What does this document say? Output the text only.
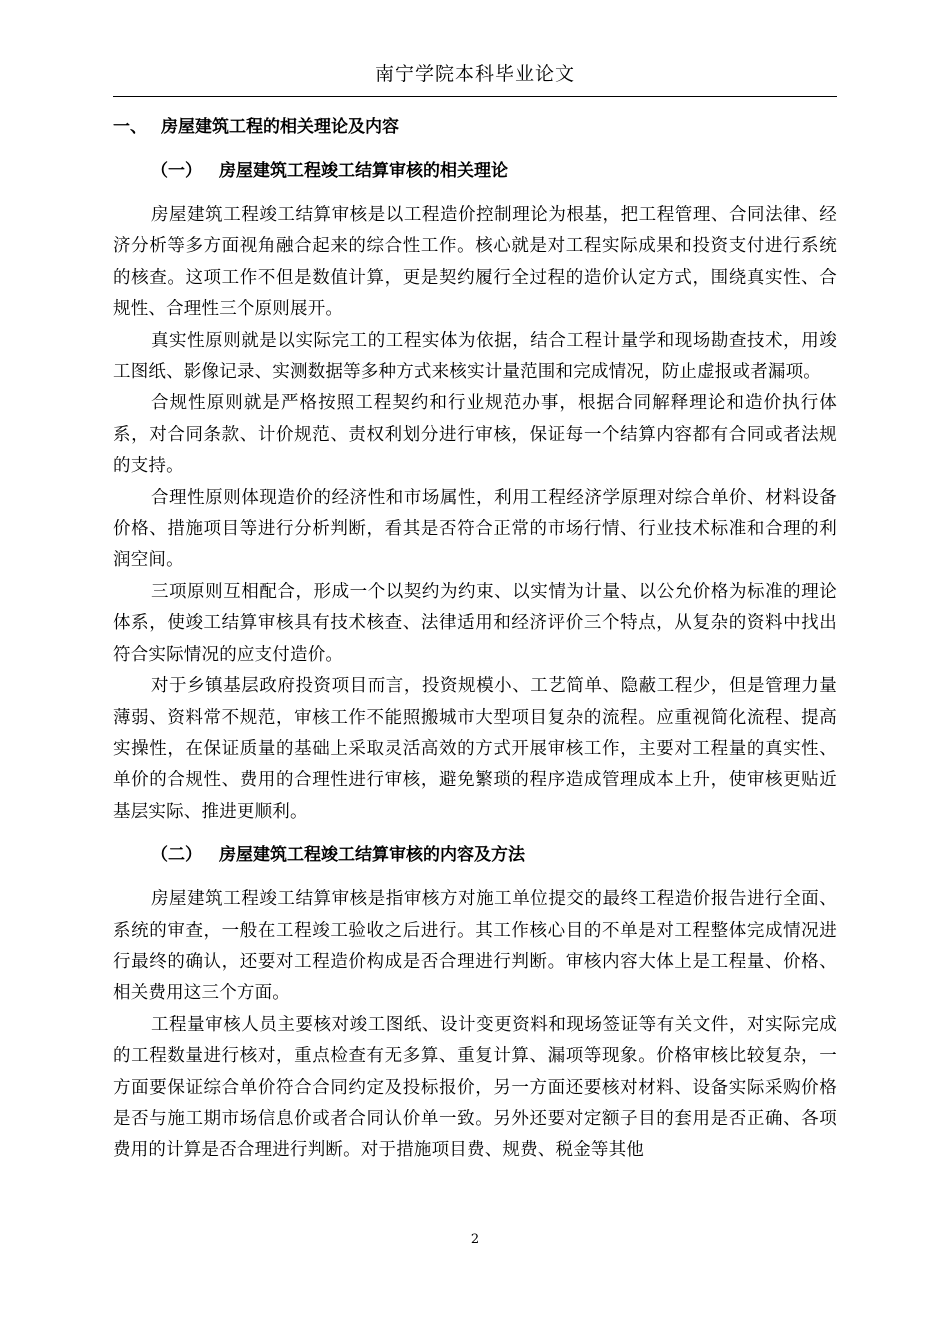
南宁学院本科毕业论文
一、 房屋建筑工程的相关理论及内容
（一） 房屋建筑工程竣工结算审核的相关理论

房屋建筑工程竣工结算审核是以工程造价控制理论为根基，把工程管理、合同法律、经济分析等多方面视角融合起来的综合性工作。核心就是对工程实际成果和投资支付进行系统的核查。这项工作不但是数值计算，更是契约履行全过程的造价认定方式，围绕真实性、合规性、合理性三个原则展开。

真实性原则就是以实际完工的工程实体为依据，结合工程计量学和现场勘查技术，用竣工图纸、影像记录、实测数据等多种方式来核实计量范围和完成情况，防止虚报或者漏项。

合规性原则就是严格按照工程契约和行业规范办事，根据合同解释理论和造价执行体系，对合同条款、计价规范、责权利划分进行审核，保证每一个结算内容都有合同或者法规的支持。

合理性原则体现造价的经济性和市场属性，利用工程经济学原理对综合单价、材料设备价格、措施项目等进行分析判断，看其是否符合正常的市场行情、行业技术标准和合理的利润空间。

三项原则互相配合，形成一个以契约为约束、以实情为计量、以公允价格为标准的理论体系，使竣工结算审核具有技术核查、法律适用和经济评价三个特点，从复杂的资料中找出符合实际情况的应支付造价。

对于乡镇基层政府投资项目而言，投资规模小、工艺简单、隐蔽工程少，但是管理力量薄弱、资料常不规范，审核工作不能照搬城市大型项目复杂的流程。应重视简化流程、提高实操性，在保证质量的基础上采取灵活高效的方式开展审核工作，主要对工程量的真实性、单价的合规性、费用的合理性进行审核，避免繁琐的程序造成管理成本上升，使审核更贴近基层实际、推进更顺利。

（二） 房屋建筑工程竣工结算审核的内容及方法

房屋建筑工程竣工结算审核是指审核方对施工单位提交的最终工程造价报告进行全面、系统的审查，一般在工程竣工验收之后进行。其工作核心目的不单是对工程整体完成情况进行最终的确认，还要对工程造价构成是否合理进行判断。审核内容大体上是工程量、价格、相关费用这三个方面。

工程量审核人员主要核对竣工图纸、设计变更资料和现场签证等有关文件，对实际完成的工程数量进行核对，重点检查有无多算、重复计算、漏项等现象。价格审核比较复杂，一方面要保证综合单价符合合同约定及投标报价，另一方面还要核对材料、设备实际采购价格是否与施工期市场信息价或者合同认价单一致。另外还要对定额子目的套用是否正确、各项费用的计算是否合理进行判断。对于措施项目费、规费、税金等其他

2
